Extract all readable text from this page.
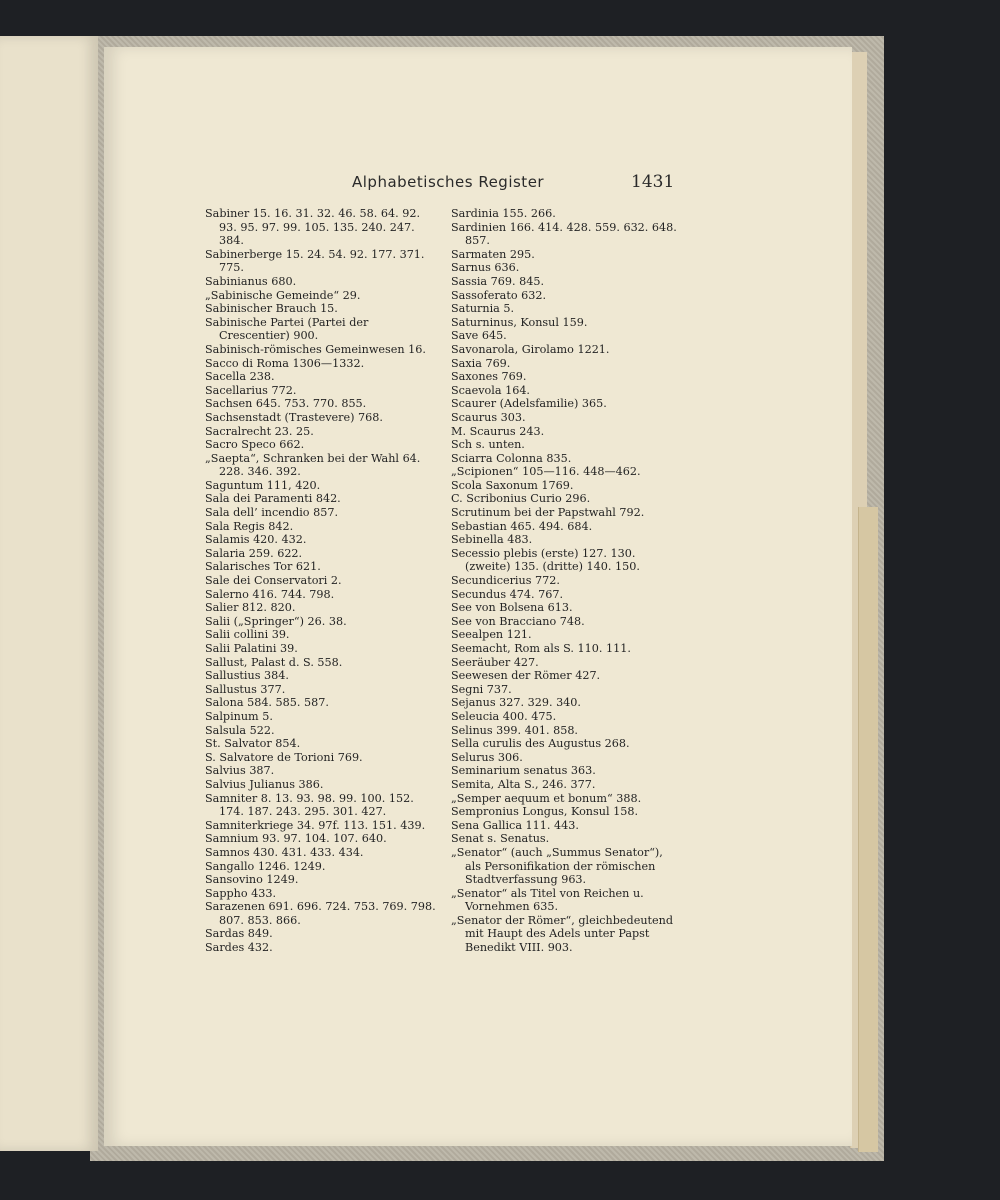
Alphabetisches Register	1431

Sabiner 15. 16. 31. 32. 46. 58. 64. 92. 93. 95. 97. 99. 105. 135. 240. 247. 384.

Sabinerberge 15. 24. 54. 92. 177. 371. 775.

Sabinianus 680.

„Sabinische Gemeinde“ 29.

Sabinischer Brauch 15.

Sabinische Partei (Partei der Crescentier) 900.

Sabinisch-römisches Gemeinwesen 16.

Sacco di Roma 1306—1332.

Sacella 238.

Sacellarius 772.

Sachsen 645. 753. 770. 855.

Sachsenstadt (Trastevere) 768.

Sacralrecht 23. 25.

Sacro Speco 662.

„Saepta“, Schranken bei der Wahl 64. 228. 346. 392.

Saguntum 111, 420.

Sala dei Paramenti 842.

Sala dell’ incendio 857.

Sala Regis 842.

Salamis 420. 432.

Salaria 259. 622.

Salarisches Tor 621.

Sale dei Conservatori 2.

Salerno 416. 744. 798.

Salier 812. 820.

Salii („Springer“) 26. 38.

Salii collini 39.

Salii Palatini 39.

Sallust, Palast d. S. 558.

Sallustius 384.

Sallustus 377.

Salona 584. 585. 587.

Salpinum 5.

Salsula 522.

St. Salvator 854.

S. Salvatore de Torioni 769.

Salvius 387.

Salvius Julianus 386.

Samniter 8. 13. 93. 98. 99. 100. 152. 174. 187. 243. 295. 301. 427.

Samniterkriege 34. 97f. 113. 151. 439.

Samnium 93. 97. 104. 107. 640.

Samnos 430. 431. 433. 434.

Sangallo 1246. 1249.

Sansovino 1249.

Sappho 433.

Sarazenen 691. 696. 724. 753. 769. 798. 807. 853. 866.

Sardas 849.

Sardes 432.

Sardinia 155. 266.

Sardinien 166. 414. 428. 559. 632. 648. 857.

Sarmaten 295.

Sarnus 636.

Sassia 769. 845.

Sassoferato 632.

Saturnia 5.

Saturninus, Konsul 159.

Save 645.

Savonarola, Girolamo 1221.

Saxia 769.

Saxones 769.

Scaevola 164.

Scaurer (Adelsfamilie) 365.

Scaurus 303.

M. Scaurus 243.

Sch s. unten.

Sciarra Colonna 835.

„Scipionen“ 105—116. 448—462.

Scola Saxonum 1769.

C. Scribonius Curio 296.

Scrutinum bei der Papstwahl 792.

Sebastian 465. 494. 684.

Sebinella 483.

Secessio plebis (erste) 127. 130. (zweite) 135. (dritte) 140. 150.

Secundicerius 772.

Secundus 474. 767.

See von Bolsena 613.

See von Bracciano 748.

Seealpen 121.

Seemacht, Rom als S. 110. 111.

Seeräuber 427.

Seewesen der Römer 427.

Segni 737.

Sejanus 327. 329. 340.

Seleucia 400. 475.

Selinus 399. 401. 858.

Sella curulis des Augustus 268.

Selurus 306.

Seminarium senatus 363.

Semita, Alta S., 246. 377.

„Semper aequum et bonum“ 388.

Sempronius Longus, Konsul 158.

Sena Gallica 111. 443.

Senat s. Senatus.

„Senator“ (auch „Summus Senator“), als Personifikation der römischen Stadtverfassung 963.

„Senator“ als Titel von Reichen u. Vornehmen 635.

„Senator der Römer“, gleichbedeutend mit Haupt des Adels unter Papst Benedikt VIII. 903.
